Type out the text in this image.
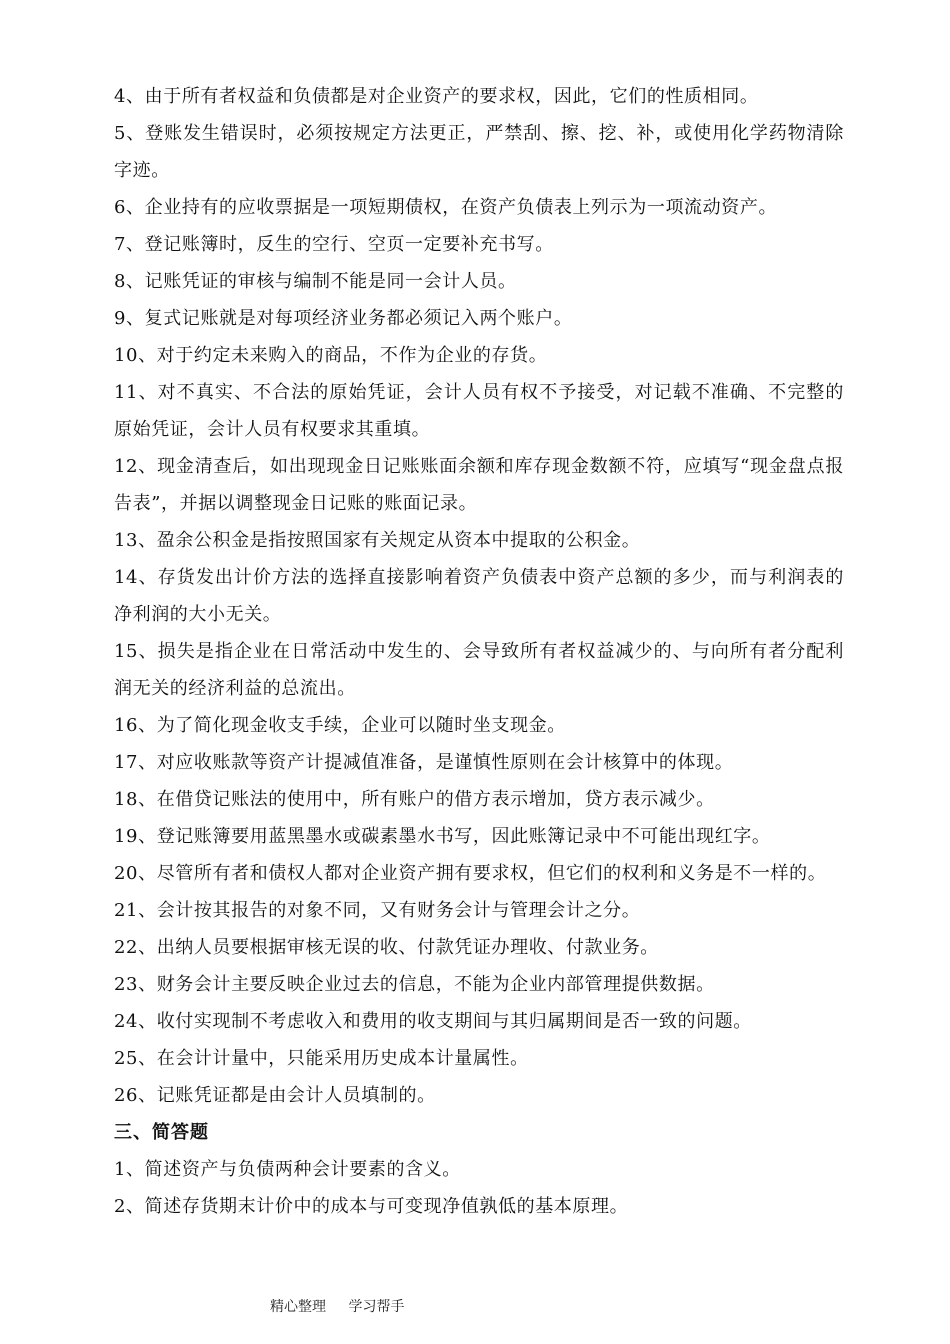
4、由于所有者权益和负债都是对企业资产的要求权，因此，它们的性质相同。

5、登账发生错误时，必须按规定方法更正，严禁刮、擦、挖、补，或使用化学药物清除字迹。

6、企业持有的应收票据是一项短期债权，在资产负债表上列示为一项流动资产。

7、登记账簿时，反生的空行、空页一定要补充书写。

8、记账凭证的审核与编制不能是同一会计人员。

9、复式记账就是对每项经济业务都必须记入两个账户。

10、对于约定未来购入的商品，不作为企业的存货。

11、对不真实、不合法的原始凭证，会计人员有权不予接受，对记载不准确、不完整的原始凭证，会计人员有权要求其重填。

12、现金清查后，如出现现金日记账账面余额和库存现金数额不符，应填写“现金盘点报告表”，并据以调整现金日记账的账面记录。

13、盈余公积金是指按照国家有关规定从资本中提取的公积金。

14、存货发出计价方法的选择直接影响着资产负债表中资产总额的多少，而与利润表的净利润的大小无关。

15、损失是指企业在日常活动中发生的、会导致所有者权益减少的、与向所有者分配利润无关的经济利益的总流出。

16、为了简化现金收支手续，企业可以随时坐支现金。

17、对应收账款等资产计提减值准备，是谨慎性原则在会计核算中的体现。

18、在借贷记账法的使用中，所有账户的借方表示增加，贷方表示减少。

19、登记账簿要用蓝黑墨水或碳素墨水书写，因此账簿记录中不可能出现红字。

20、尽管所有者和债权人都对企业资产拥有要求权，但它们的权利和义务是不一样的。

21、会计按其报告的对象不同，又有财务会计与管理会计之分。

22、出纳人员要根据审核无误的收、付款凭证办理收、付款业务。

23、财务会计主要反映企业过去的信息，不能为企业内部管理提供数据。

24、收付实现制不考虑收入和费用的收支期间与其归属期间是否一致的问题。

25、在会计计量中，只能采用历史成本计量属性。

26、记账凭证都是由会计人员填制的。

三、简答题

1、简述资产与负债两种会计要素的含义。

2、简述存货期末计价中的成本与可变现净值孰低的基本原理。

精心整理 学习帮手
